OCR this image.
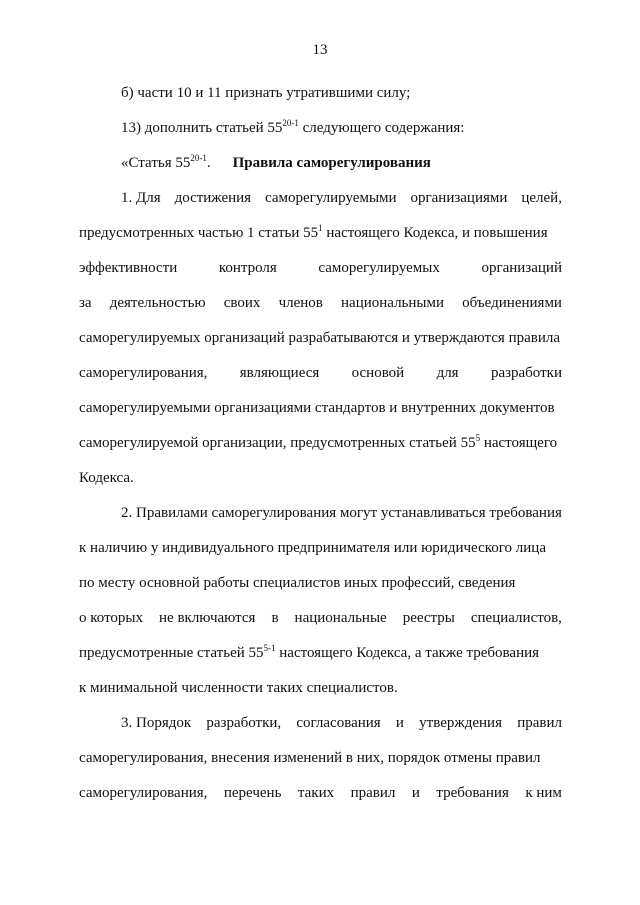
13
б) части 10 и 11 признать утратившими силу;
13) дополнить статьей 55$^{20-1}$ следующего содержания:
«Статья 55$^{20-1}$. Правила саморегулирования
1. Для достижения саморегулируемыми организациями целей,
предусмотренных частью 1 статьи $55^1$ настоящего Кодекса, и повышения
эффективности	контроля	саморегулируемых	организаций
за деятельностью своих членов национальными объединениями
саморегулируемых организаций разрабатываются и утверждаются правила
саморегулирования, являющиеся основой для разработки
саморегулируемыми организациями стандартов и внутренних документов
саморегулируемой организации, предусмотренных статьей $55^5$ настоящего
Кодекса.
2. Правилами саморегулирования могут устанавливаться требования
к наличию у индивидуального предпринимателя или юридического лица
по месту основной работы специалистов иных профессий, сведения
о которых не включаются в национальные реестры специалистов,
предусмотренные статьей 55$^{5-1}$ настоящего Кодекса, а также требования
к минимальной численности таких специалистов.
3. Порядок разработки, согласования и утверждения правил
саморегулирования, внесения изменений в них, порядок отмены правил
саморегулирования, перечень таких правил и требования к ним
